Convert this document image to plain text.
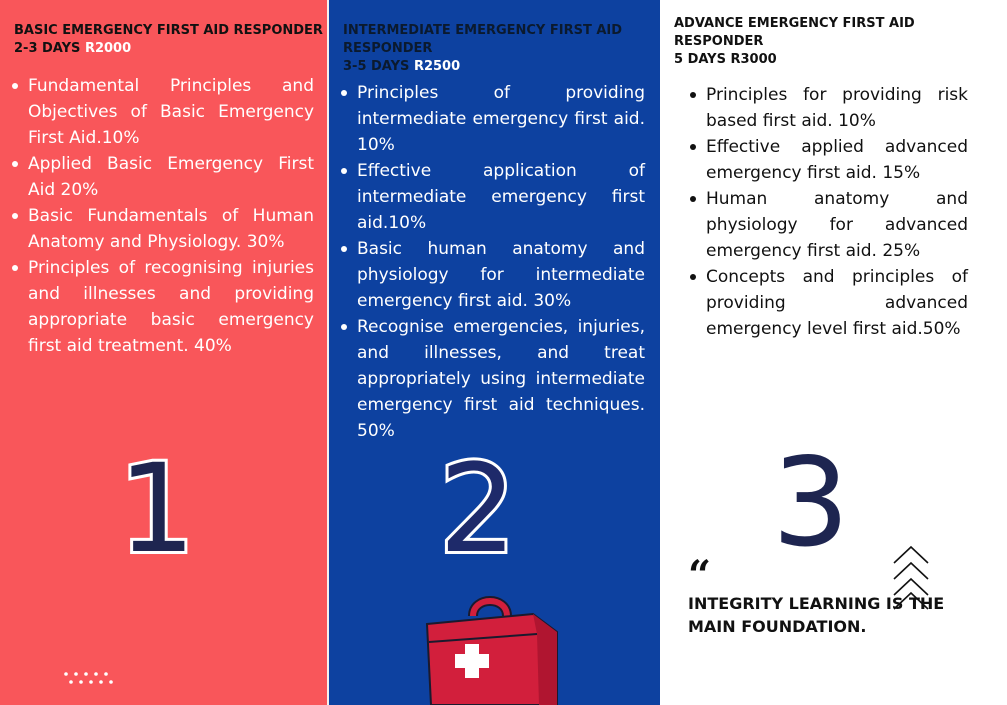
BASIC EMERGENCY FIRST AID RESPONDER
2-3 DAYS R2000
Fundamental Principles and Objectives of Basic Emergency First Aid.10%
Applied Basic Emergency First Aid 20%
Basic Fundamentals of Human Anatomy and Physiology. 30%
Principles of recognising injuries and illnesses and providing appropriate basic emergency first aid treatment. 40%
1
INTERMEDIATE EMERGENCY FIRST AID RESPONDER
3-5 DAYS R2500
Principles of providing intermediate emergency first aid. 10%
Effective application of intermediate emergency first aid.10%
Basic human anatomy and physiology for intermediate emergency first aid. 30%
Recognise emergencies, injuries, and illnesses, and treat appropriately using intermediate emergency first aid techniques. 50%
2
ADVANCE EMERGENCY FIRST AID RESPONDER
5 DAYS R3000
Principles for providing risk based first aid. 10%
Effective applied advanced emergency first aid. 15%
Human anatomy and physiology for advanced emergency first aid. 25%
Concepts and principles of providing advanced emergency level first aid.50%
3
“
INTEGRITY LEARNING IS THE MAIN FOUNDATION.
